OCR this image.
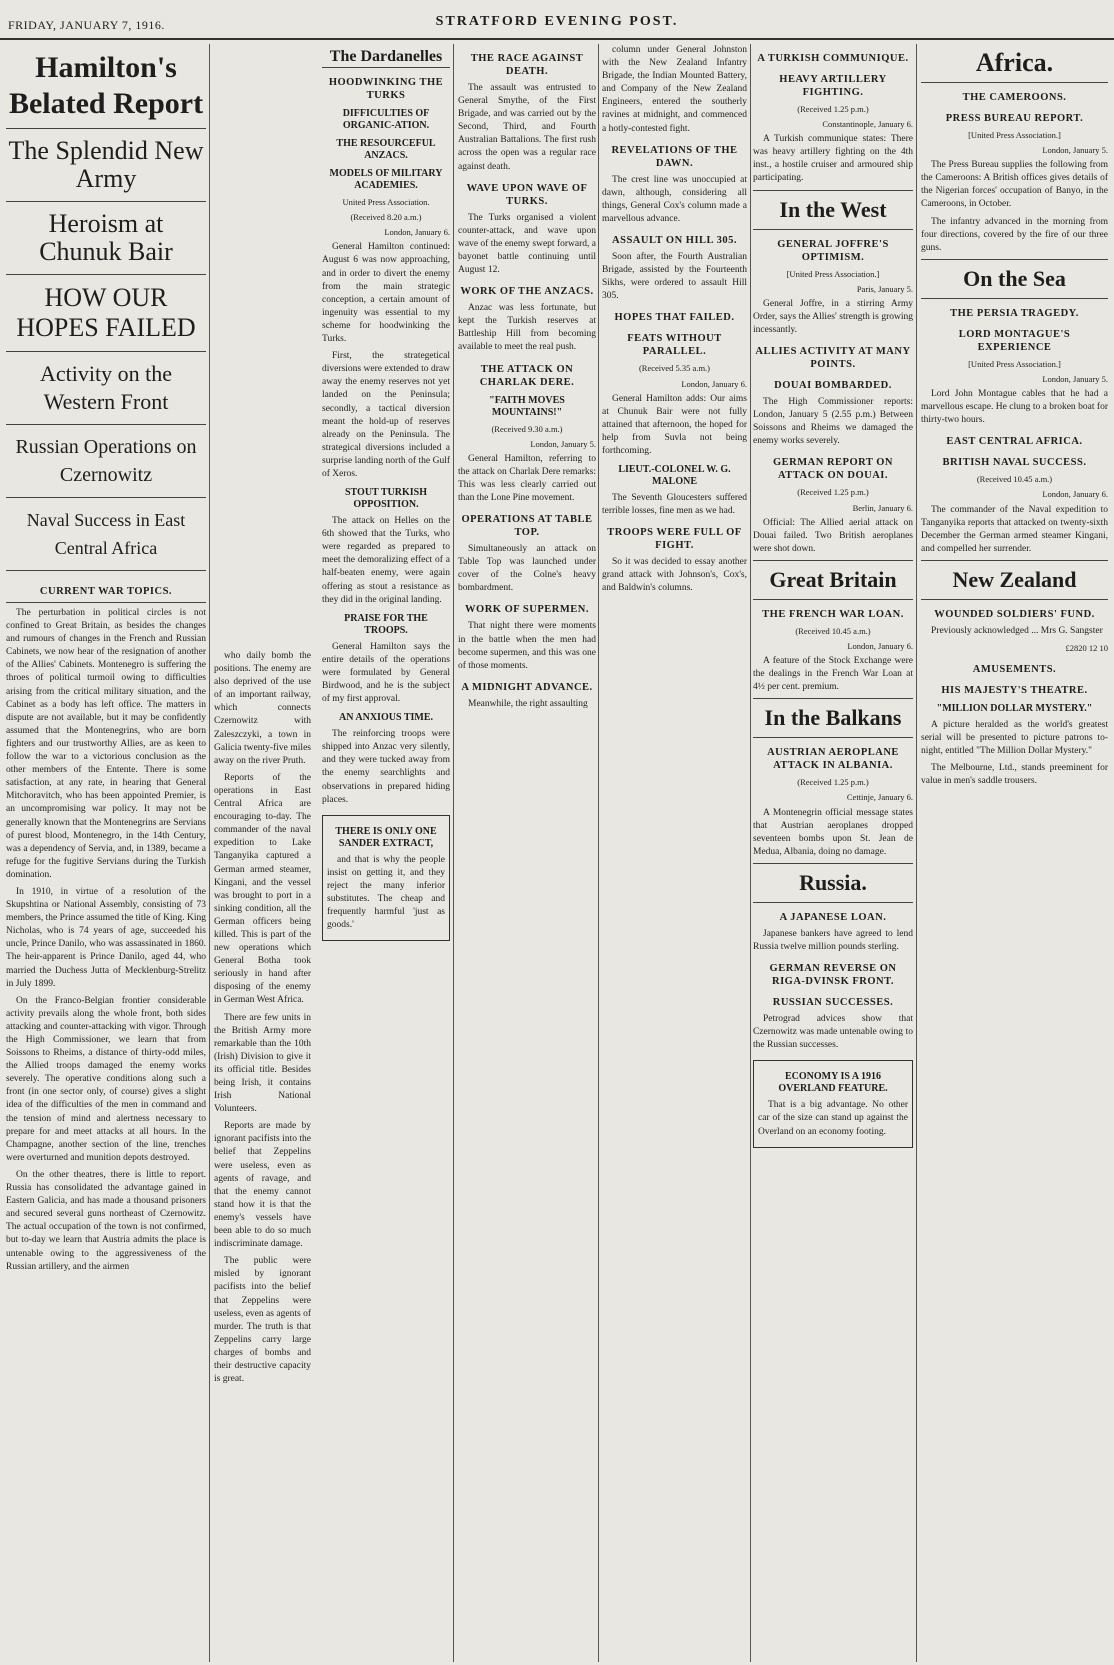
FRIDAY, JANUARY 7, 1916.	STRATFORD EVENING POST.
Hamilton's Belated Report
The Splendid New Army
Heroism at Chunuk Bair
HOW OUR HOPES FAILED
Activity on the Western Front
Russian Operations on Czernowitz
Naval Success in East Central Africa
CURRENT WAR TOPICS.

The perturbation in political circles is not confined to Great Britain, as besides the changes and rumours of changes in the French and Russian Cabinets, we now hear of the resignation of another of the Allies' Cabinets. Montenegro is suffering the throes of political turmoil owing to difficulties arising from the critical military situation, and the Cabinet as a body has left office. The matters in dispute are not available, but it may be confidently assumed that the Montenegrins, who are born fighters and our trustworthy Allies, are as keen to follow the war to a victorious conclusion as the other members of the Entente. There is some satisfaction, at any rate, in hearing that General Mitchoravitch, who has been appointed Premier, is an uncompromising war policy. It may not be generally known that the Montenegrins are Servians of purest blood, Montenegro, in the 14th Century, was a dependency of Servia, and, in 1389, became a refuge for the fugitive Servians during the Turkish domination.

In 1910, in virtue of a resolution of the Skupshtina or National Assembly, consisting of 73 members, the Prince assumed the title of King. King Nicholas, who is 74 years of age, succeeded his uncle, Prince Danilo, who was assassinated in 1860. The heir-apparent is Prince Danilo, aged 44, who married the Duchess Jutta of Mecklenburg-Strelitz in July 1899.

On the Franco-Belgian frontier considerable activity prevails along the whole front, both sides attacking and counter-attacking with vigor. Through the High Commissioner, we learn that from Soissons to Rheims, a distance of thirty-odd miles, the Allied troops damaged the enemy works severely. The operative conditions along such a front (in one sector only, of course) gives a slight idea of the difficulties of the men in command and the tension of mind and alertness necessary to prepare for and meet attacks at all hours. In the Champagne, another section of the line, trenches were overturned and munition depots destroyed.

On the other theatres, there is little to report. Russia has consolidated the advantage gained in Eastern Galicia, and has made a thousand prisoners and secured several guns northeast of Czernowitz. The actual occupation of the town is not confirmed, but to-day we learn that Austria admits the place is untenable owing to the aggressiveness of the Russian artillery, and the airmen

who daily bomb the positions. The enemy are also deprived of the use of an important railway, which connects Czernowitz with Zaleszczyki, a town in Galicia twenty-five miles away on the river Pruth.

Reports of the operations in East Central Africa are encouraging to-day. The commander of the naval expedition to Lake Tanganyika captured a German armed steamer, Kingani, and the vessel was brought to port in a sinking condition, all the German officers being killed. This is part of the new operations which General Botha took seriously in hand after disposing of the enemy in German West Africa.

There are few units in the British Army more remarkable than the 10th (Irish) Division to give it its official title. Besides being Irish, it contains Irish National Volunteers.

Reports are made by ignorant pacifists into the belief that Zeppelins were useless, even as agents of ravage, and that the enemy cannot stand how it is that the enemy's vessels have been able to do so much indiscriminate damage.

The public were misled by ignorant pacifists into the belief that Zeppelins were useless, even as agents of murder. The truth is that Zeppelins carry large charges of bombs and their destructive capacity is great.

The Dardanelles
HOODWINKING THE TURKS
DIFFICULTIES OF ORGANIC-ATION.
THE RESOURCEFUL ANZACS.
MODELS OF MILITARY ACADEMIES.
United Press Association.
(Received 8.20 a.m.)
London, January 6.

General Hamilton continued: August 6 was now approaching, and in order to divert the enemy from the main strategic conception, a certain amount of ingenuity was essential to my scheme for hoodwinking the Turks.

First, the strategetical diversions were extended to draw away the enemy reserves not yet landed on the Peninsula; secondly, a tactical diversion meant the hold-up of reserves already on the Peninsula. The strategical diversions included a surprise landing north of the Gulf of Xeros.

STOUT TURKISH OPPOSITION.

The attack on Helles on the 6th showed that the Turks, who were regarded as prepared to meet the demoralizing effect of a half-beaten enemy, were again offering as stout a resistance as they did in the original landing.

PRAISE FOR THE TROOPS.

General Hamilton says the entire details of the operations were formulated by General Birdwood, and he is the subject of my first approval.

AN ANXIOUS TIME.

The reinforcing troops were shipped into Anzac very silently, and they were tucked away from the enemy searchlights and observations in prepared hiding places.

THERE IS ONLY ONE SANDER EXTRACT,

and that is why the people insist on getting it, and they reject the many inferior substitutes. The cheap and frequently harmful 'just as goods.'

THE RACE AGAINST DEATH.

The assault was entrusted to General Smythe, of the First Brigade, and was carried out by the Second, Third, and Fourth Australian Battalions. The first rush across the open was a regular race against death.

WAVE UPON WAVE OF TURKS.

The Turks organised a violent counter-attack, and wave upon wave of the enemy swept forward, a bayonet battle continuing until August 12.

WORK OF THE ANZACS.

Anzac was less fortunate, but kept the Turkish reserves at Battleship Hill from becoming available to meet the real push.

THE ATTACK ON CHARLAK DERE.
"FAITH MOVES MOUNTAINS!"
(Received 9.30 a.m.)
London, January 5.

General Hamilton, referring to the attack on Charlak Dere remarks: This was less clearly carried out than the Lone Pine movement.

OPERATIONS AT TABLE TOP.

Simultaneously an attack on Table Top was launched under cover of the Colne's heavy bombardment.

WORK OF SUPERMEN.

That night there were moments in the battle when the men had become supermen, and this was one of those moments.

A MIDNIGHT ADVANCE.

Meanwhile, the right assaulting

column under General Johnston with the New Zealand Infantry Brigade, the Indian Mounted Battery, and Company of the New Zealand Engineers, entered the southerly ravines at midnight, and commenced a hotly-contested fight.

REVELATIONS OF THE DAWN.

The crest line was unoccupied at dawn, although, considering all things, General Cox's column made a marvellous advance.

ASSAULT ON HILL 305.

Soon after, the Fourth Australian Brigade, assisted by the Fourteenth Sikhs, were ordered to assault Hill 305.

HOPES THAT FAILED.
FEATS WITHOUT PARALLEL.
(Received 5.35 a.m.)
London, January 6.

General Hamilton adds: Our aims at Chunuk Bair were not fully attained that afternoon, the hoped for help from Suvla not being forthcoming.

LIEUT.-COLONEL W. G. MALONE

The Seventh Gloucesters suffered terrible losses, fine men as we had.

TROOPS WERE FULL OF FIGHT.

So it was decided to essay another grand attack with Johnson's, Cox's, and Baldwin's columns.

A TURKISH COMMUNIQUE.
HEAVY ARTILLERY FIGHTING.
(Received 1.25 p.m.)
Constantinople, January 6.

A Turkish communique states: There was heavy artillery fighting on the 4th inst., a hostile cruiser and armoured ship participating.

In the West
GENERAL JOFFRE'S OPTIMISM.
[United Press Association.]
Paris, January 5.

General Joffre, in a stirring Army Order, says the Allies' strength is growing incessantly.

ALLIES ACTIVITY AT MANY POINTS.
DOUAI BOMBARDED.

The High Commissioner reports: London, January 5 (2.55 p.m.) Between Soissons and Rheims we damaged the enemy works severely.

GERMAN REPORT ON ATTACK ON DOUAI.
(Received 1.25 p.m.)
Berlin, January 6.

Official: The Allied aerial attack on Douai failed. Two British aeroplanes were shot down.

Great Britain
THE FRENCH WAR LOAN.
(Received 10.45 a.m.)
London, January 6.

A feature of the Stock Exchange were the dealings in the French War Loan at 4½ per cent. premium.

In the Balkans
AUSTRIAN AEROPLANE ATTACK IN ALBANIA.
(Received 1.25 p.m.)
Cettinje, January 6.

A Montenegrin official message states that Austrian aeroplanes dropped seventeen bombs upon St. Jean de Medua, Albania, doing no damage.

Russia.
A JAPANESE LOAN.

Japanese bankers have agreed to lend Russia twelve million pounds sterling.

GERMAN REVERSE ON RIGA-DVINSK FRONT.
RUSSIAN SUCCESSES.

Petrograd advices show that Czernowitz was made untenable owing to the Russian successes.

ECONOMY IS A 1916 OVERLAND FEATURE.

That is a big advantage. No other car of the size can stand up against the Overland on an economy footing.

Africa.
THE CAMEROONS.
PRESS BUREAU REPORT.
[United Press Association.]
London, January 5.

The Press Bureau supplies the following from the Cameroons: A British offices gives details of the Nigerian forces' occupation of Banyo, in the Cameroons, in October.

The infantry advanced in the morning from four directions, covered by the fire of our three guns.

On the Sea
THE PERSIA TRAGEDY.
LORD MONTAGUE'S EXPERIENCE
[United Press Association.]
London, January 5.

Lord John Montague cables that he had a marvellous escape. He clung to a broken boat for thirty-two hours.

EAST CENTRAL AFRICA.
BRITISH NAVAL SUCCESS.
(Received 10.45 a.m.)
London, January 6.

The commander of the Naval expedition to Tanganyika reports that attacked on twenty-sixth December the German armed steamer Kingani, and compelled her surrender.

New Zealand
WOUNDED SOLDIERS' FUND.

Previously acknowledged ... Mrs G. Sangster

£2820 12 10
AMUSEMENTS.
HIS MAJESTY'S THEATRE.
"MILLION DOLLAR MYSTERY."

A picture heralded as the world's greatest serial will be presented to picture patrons to-night, entitled "The Million Dollar Mystery."

The Melbourne, Ltd., stands preeminent for value in men's saddle trousers.
